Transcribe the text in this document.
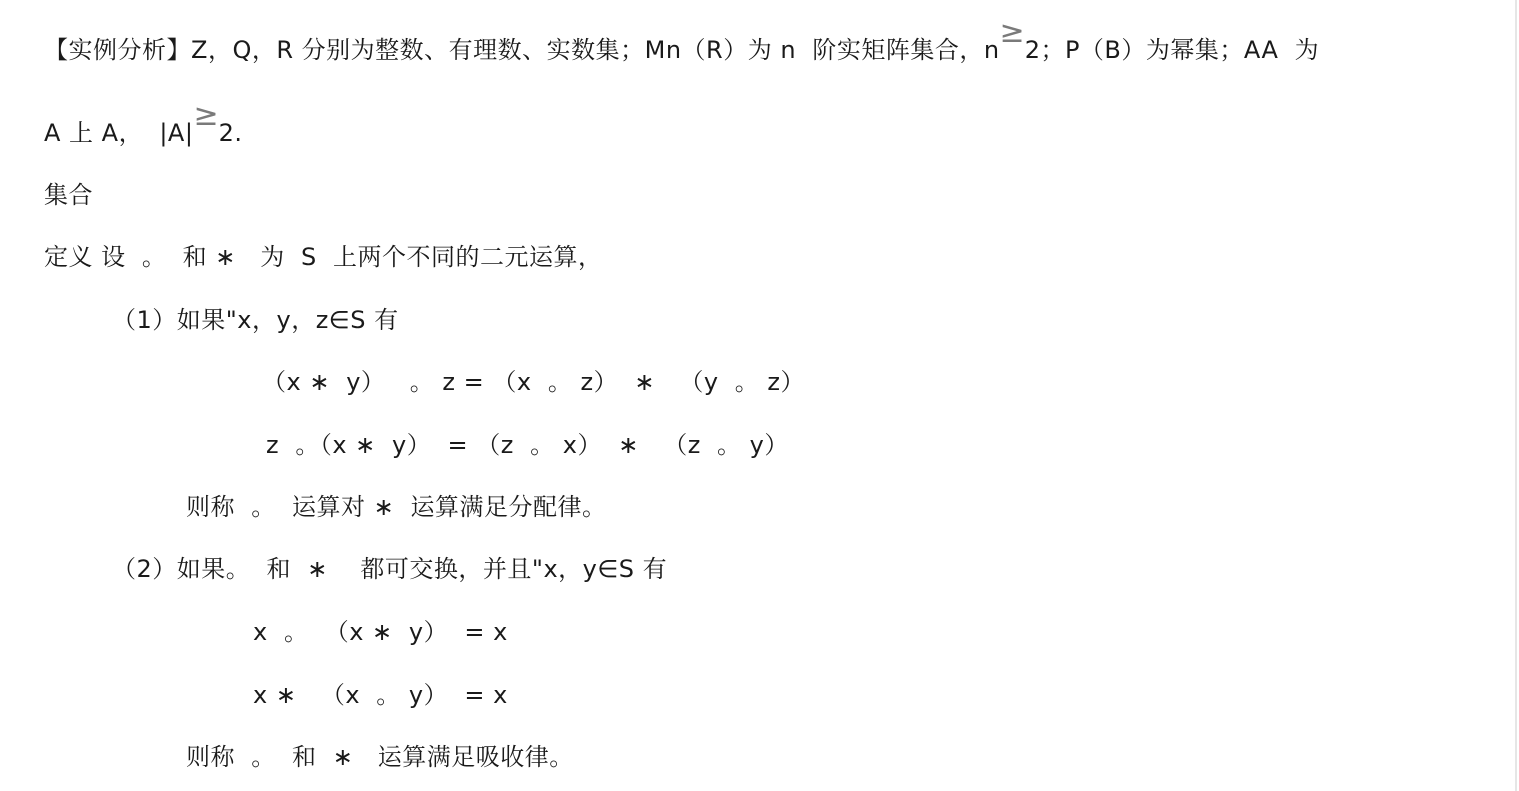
【实例分析】Z，Q，R 分别为整数、有理数、实数集；Mn（R）为 n  阶实矩阵集合，n≥2；P（B）为幂集；AA  为
A 上 A，  |A|≥2.
集合
定义 设  。  和 ∗   为  S  上两个不同的二元运算，
（1）如果"x，y，z∈S 有
（x ∗  y）   。 z = （x  。 z）  ∗   （y  。 z）
z  。（x ∗  y）  = （z  。 x）  ∗   （z  。 y）
则称  。  运算对 ∗  运算满足分配律。
（2）如果。  和  ∗    都可交换，并且"x，y∈S 有
x  。  （x ∗  y）  = x
x ∗   （x  。 y）  = x
则称  。  和  ∗   运算满足吸收律。
